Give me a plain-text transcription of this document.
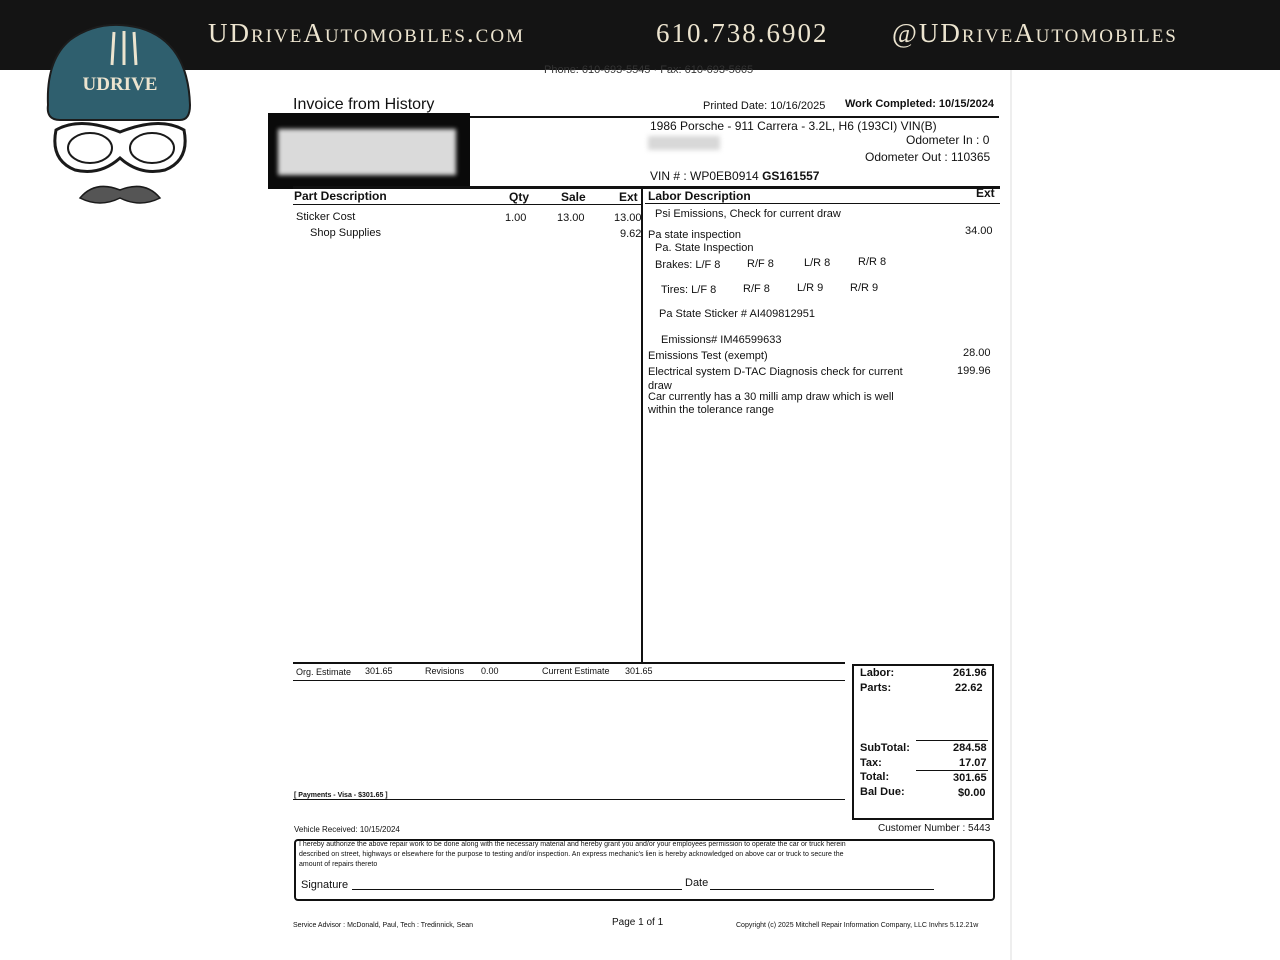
UDriveAutomobiles.com	610.738.6902 @UDriveAutomobiles
UDRIVE
Phone: 610-693-5545 · Fax: 610-693-5665
Invoice from History	Printed Date: 10/16/2025 Work Completed: 10/15/2024
1986 Porsche - 911 Carrera - 3.2L, H6 (193CI) VIN(B)
Odometer In : 0
Odometer Out : 110365
VIN # : WP0EB0914 GS161557
Part Description	Qty	Sale	Ext Labor Description	Ext
Sticker Cost	1.00	13.00	13.00
Shop Supplies	9.62
Psi Emissions, Check for current draw
Pa state inspection	34.00
Pa. State Inspection
Brakes: L/F 8 R/F 8	L/R 8	R/R 8
Tires: L/F 8 R/F 8 L/R 9 R/R 9
Pa State Sticker # AI409812951
Emissions# IM46599633
Emissions Test (exempt)	28.00
Electrical system D-TAC Diagnosis check for current	199.96
draw
Car currently has a 30 milli amp draw which is well
within the tolerance range
Org. Estimate 301.65	Revisions 0.00	Current Estimate 301.65
[ Payments - Visa - $301.65 ]
Labor:	261.96
Parts:	22.62
SubTotal:	284.58
Tax:	17.07
Total:	301.65
Bal Due:	$0.00
Vehicle Received: 10/15/2024	Customer Number : 5443
I hereby authorize the above repair work to be done along with the necessary material and hereby grant you and/or your employees permission to operate the car or truck herein
described on street, highways or elsewhere for the purpose to testing and/or inspection. An express mechanic's lien is hereby acknowledged on above car or truck to secure the
amount of repairs thereto
Signature	Date
Service Advisor : McDonald, Paul, Tech : Tredinnick, Sean	Page 1 of 1	Copyright (c) 2025 Mitchell Repair Information Company, LLC Invhrs 5.12.21w
